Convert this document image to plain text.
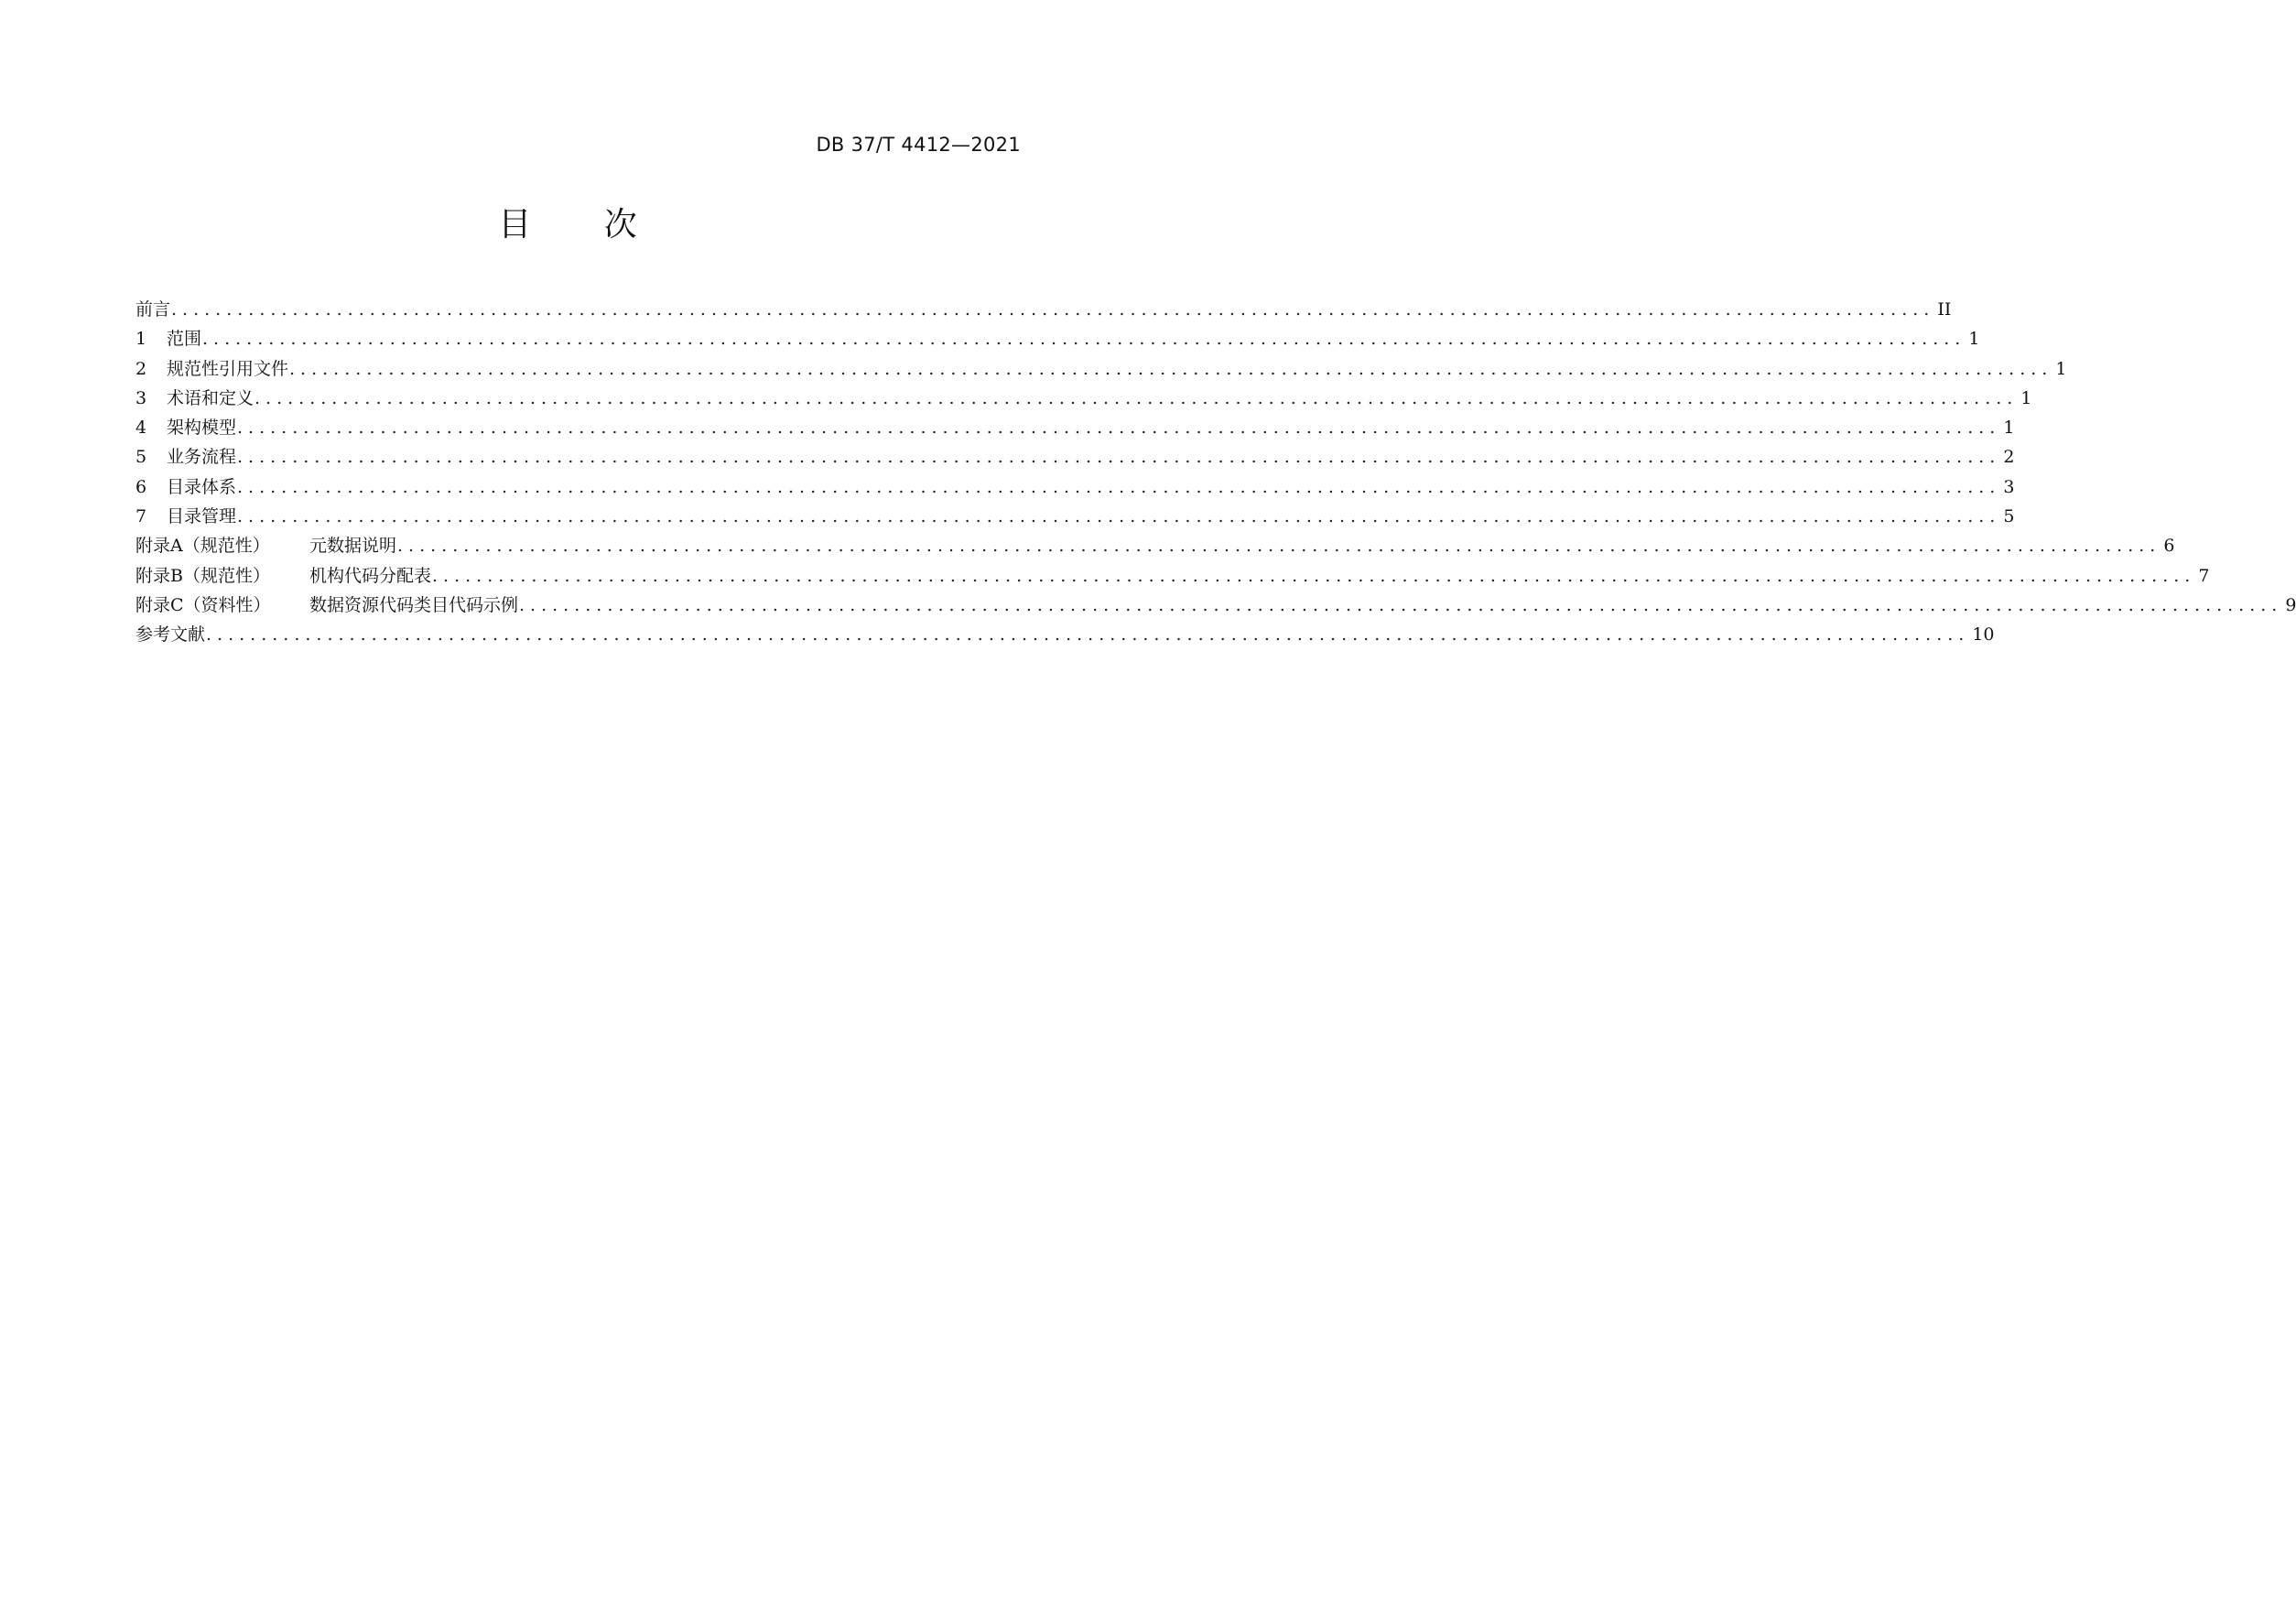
DB 37/T 4412—2021
目 次
前言 ................................................................................................................................................................ II
1	范围 ................................................................................................................................................................ 1
2	规范性引用文件 ................................................................................................................................................................ 1
3	术语和定义 ................................................................................................................................................................ 1
4	架构模型 ................................................................................................................................................................ 1
5	业务流程 ................................................................................................................................................................ 2
6	目录体系 ................................................................................................................................................................ 3
7	目录管理 ................................................................................................................................................................ 5
附录A（规范性）	元数据说明 ................................................................................................................................................................ 6
附录B（规范性）	机构代码分配表 ................................................................................................................................................................ 7
附录C（资料性）	数据资源代码类目代码示例 ................................................................................................................................................................ 9
参考文献 ................................................................................................................................................................ 10
